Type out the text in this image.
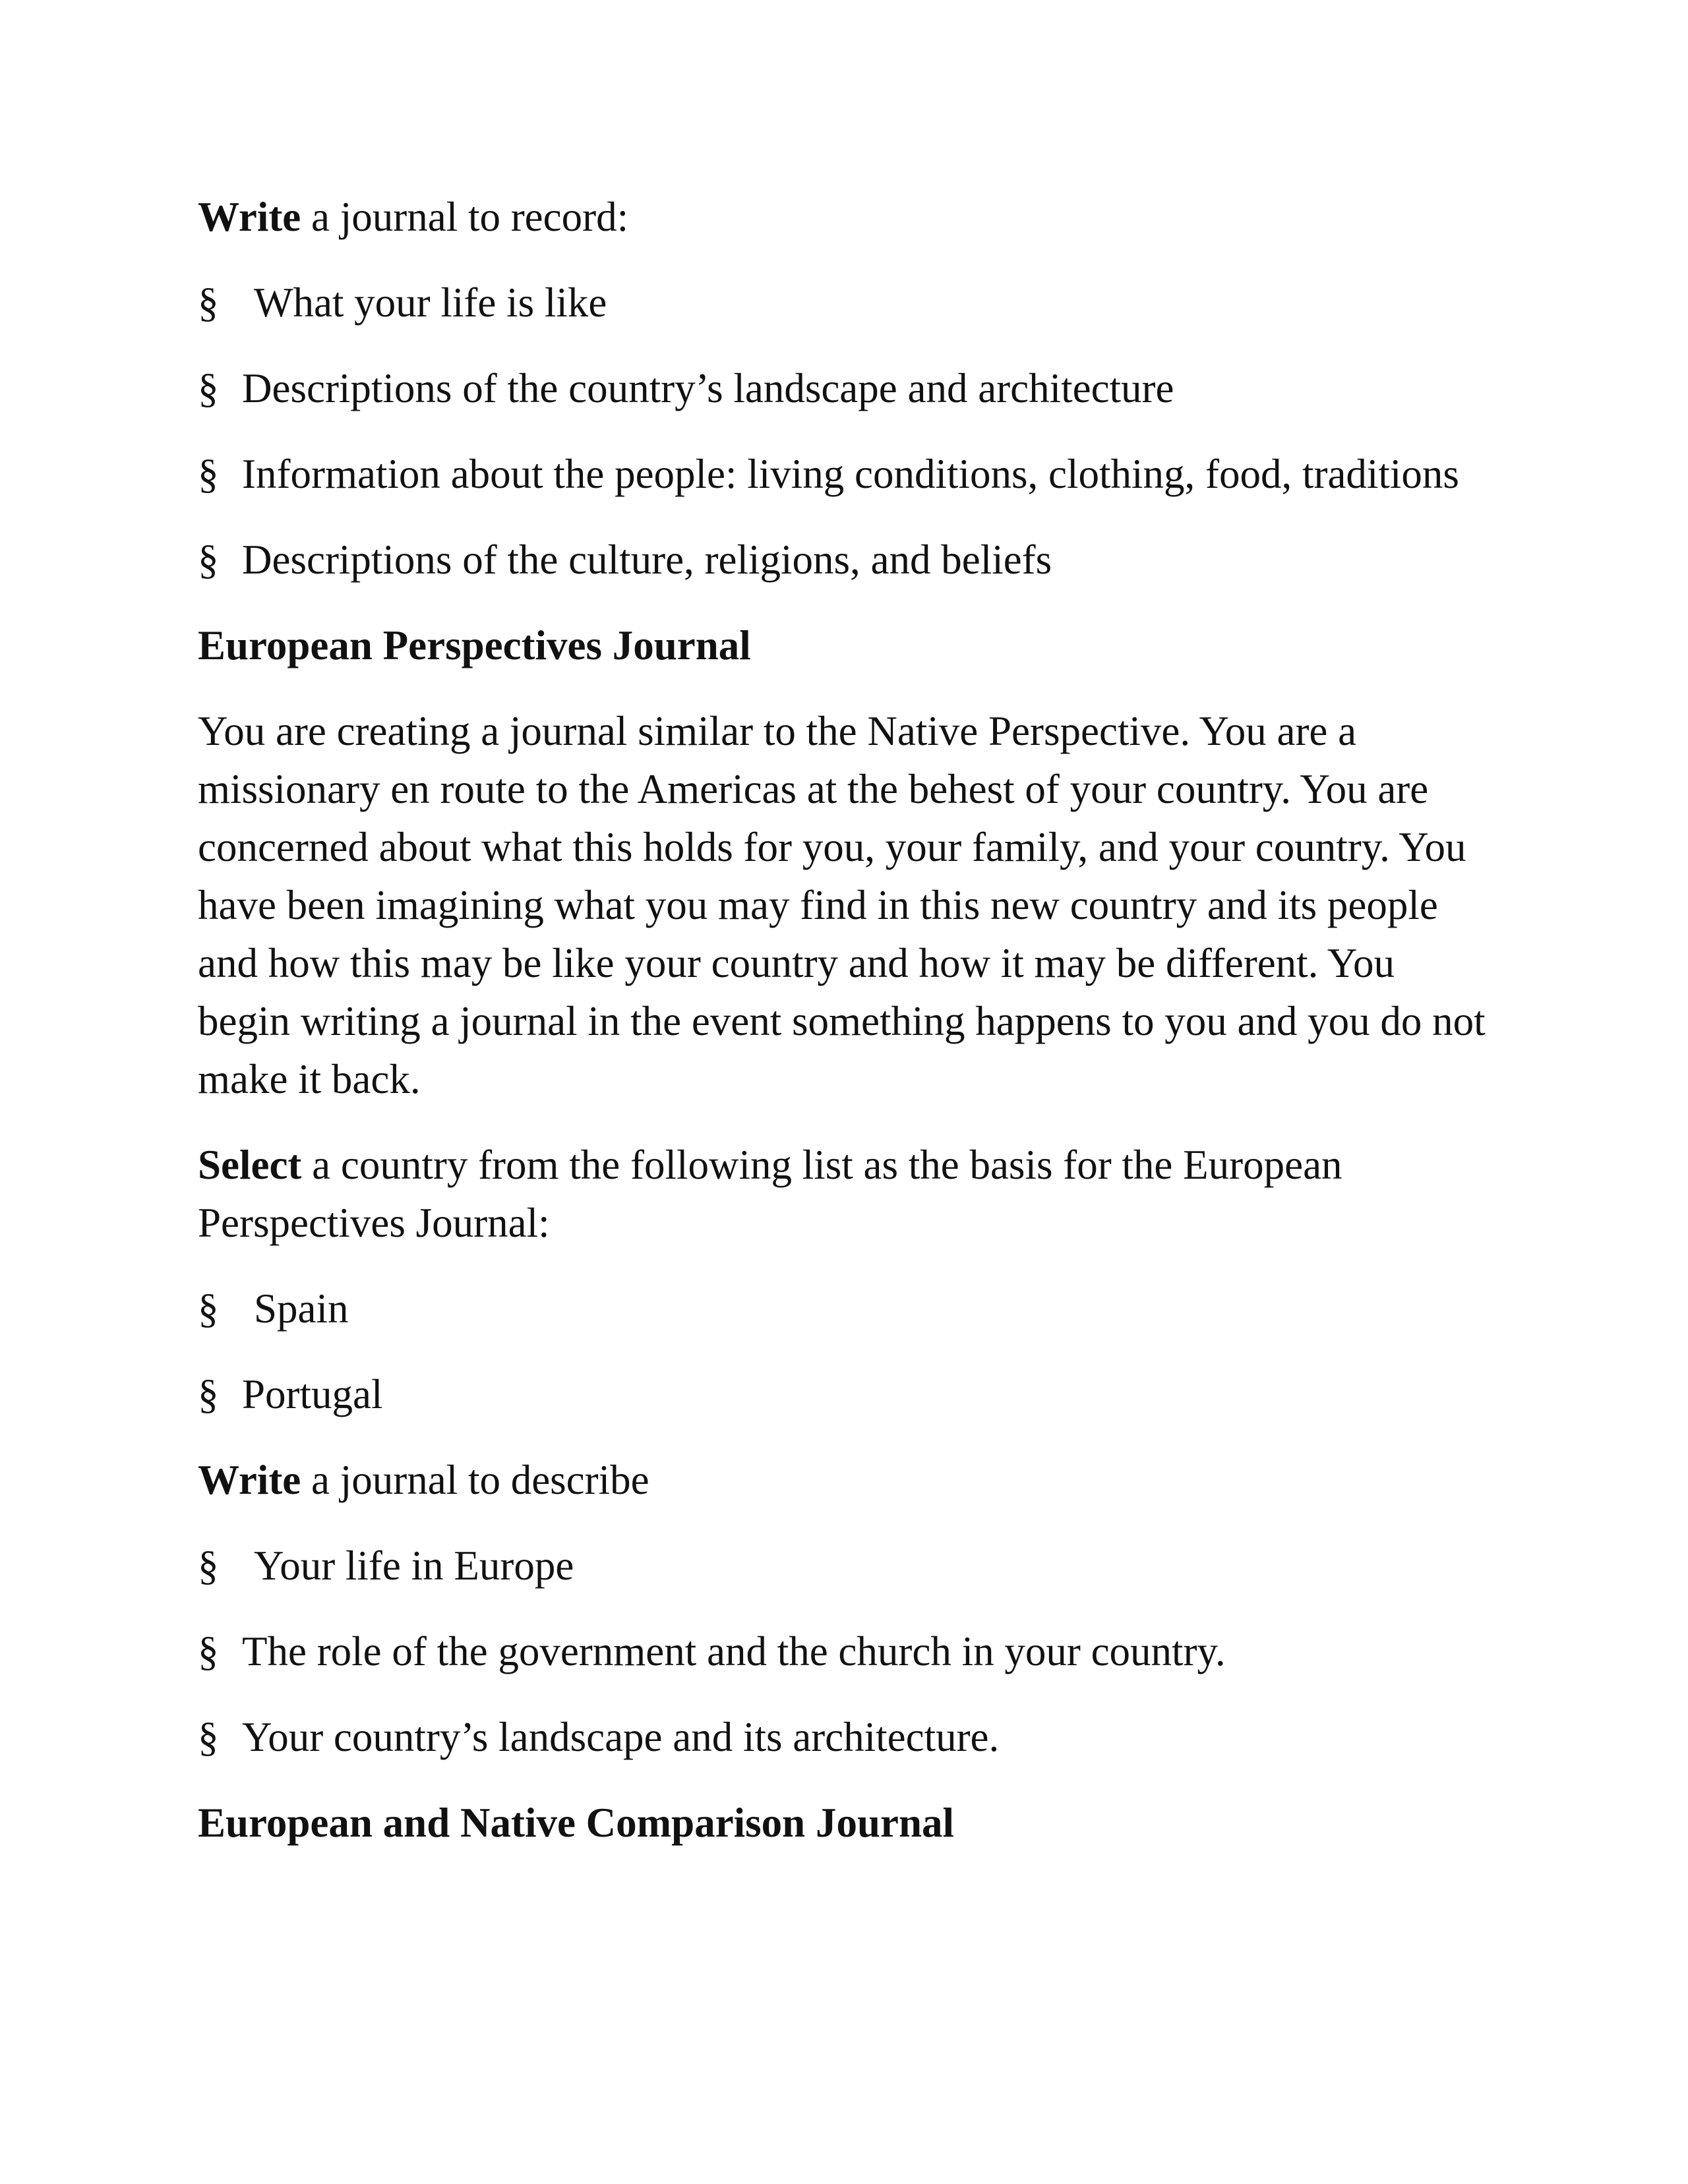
Write a journal to record:

§ What your life is like

§ Descriptions of the country’s landscape and architecture

§ Information about the people: living conditions, clothing, food, traditions

§ Descriptions of the culture, religions, and beliefs

European Perspectives Journal

You are creating a journal similar to the Native Perspective. You are a missionary en route to the Americas at the behest of your country. You are concerned about what this holds for you, your family, and your country. You have been imagining what you may find in this new country and its people and how this may be like your country and how it may be different. You begin writing a journal in the event something happens to you and you do not make it back.

Select a country from the following list as the basis for the European Perspectives Journal:

§ Spain

§ Portugal

Write a journal to describe

§ Your life in Europe

§ The role of the government and the church in your country.

§ Your country’s landscape and its architecture.

European and Native Comparison Journal
